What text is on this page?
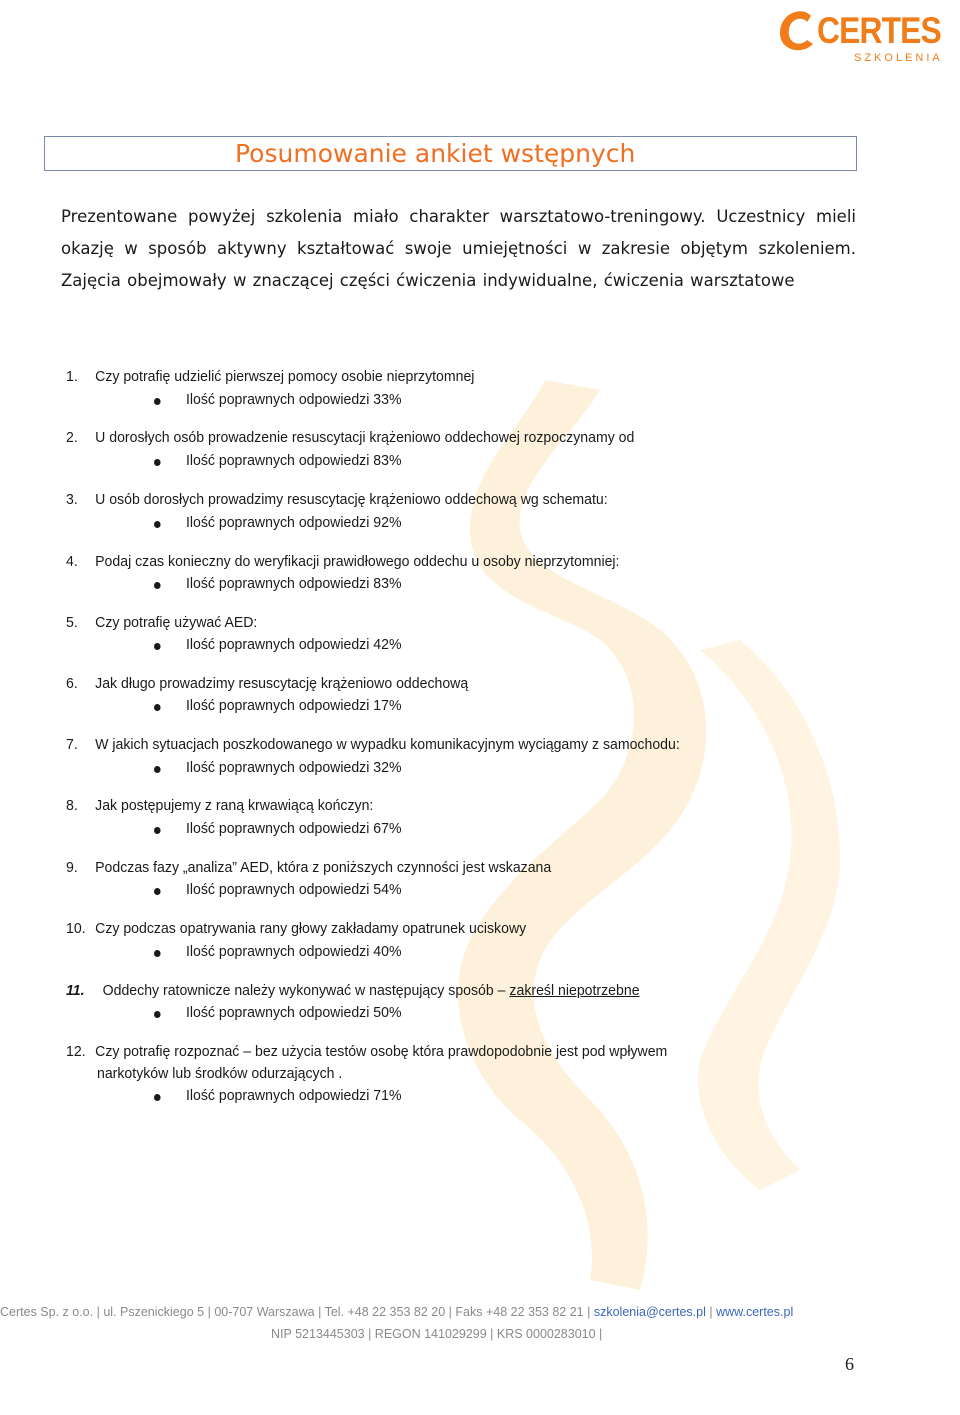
CERTES
SZKOLENIA
Posumowanie ankiet wstępnych
Prezentowane powyżej szkolenia miało charakter warsztatowo-treningowy. Uczestnicy mieli okazję w sposób aktywny kształtować swoje umiejętności w zakresie objętym szkoleniem. Zajęcia obejmowały w znaczącej części ćwiczenia indywidualne, ćwiczenia warsztatowe
1. Czy potrafię udzielić pierwszej pomocy osobie nieprzytomnej
Ilość poprawnych odpowiedzi 33%
2. U dorosłych osób prowadzenie resuscytacji krążeniowo oddechowej rozpoczynamy od
Ilość poprawnych odpowiedzi 83%
3. U osób dorosłych prowadzimy resuscytację krążeniowo oddechową wg schematu:
Ilość poprawnych odpowiedzi 92%
4. Podaj czas konieczny do weryfikacji prawidłowego oddechu u osoby nieprzytomniej:
Ilość poprawnych odpowiedzi 83%
5. Czy potrafię używać AED:
Ilość poprawnych odpowiedzi 42%
6. Jak długo prowadzimy resuscytację krążeniowo oddechową
Ilość poprawnych odpowiedzi 17%
7. W jakich sytuacjach poszkodowanego w wypadku komunikacyjnym wyciągamy z samochodu:
Ilość poprawnych odpowiedzi 32%
8. Jak postępujemy z raną krwawiącą kończyn:
Ilość poprawnych odpowiedzi 67%
9. Podczas fazy „analiza” AED, która z poniższych czynności jest wskazana
Ilość poprawnych odpowiedzi 54%
10. Czy podczas opatrywania rany głowy zakładamy opatrunek uciskowy
Ilość poprawnych odpowiedzi 40%
11. Oddechy ratownicze należy wykonywać w następujący sposób – zakreśl niepotrzebne
Ilość poprawnych odpowiedzi 50%
12. Czy potrafię rozpoznać – bez użycia testów osobę która prawdopodobnie jest pod wpływem
narkotyków lub środków odurzających .
Ilość poprawnych odpowiedzi 71%
Certes Sp. z o.o. | ul. Pszenickiego 5 | 00-707 Warszawa | Tel. +48 22 353 82 20 | Faks +48 22 353 82 21 | szkolenia@certes.pl | www.certes.pl
NIP 5213445303 | REGON 141029299 | KRS 0000283010 |
6
